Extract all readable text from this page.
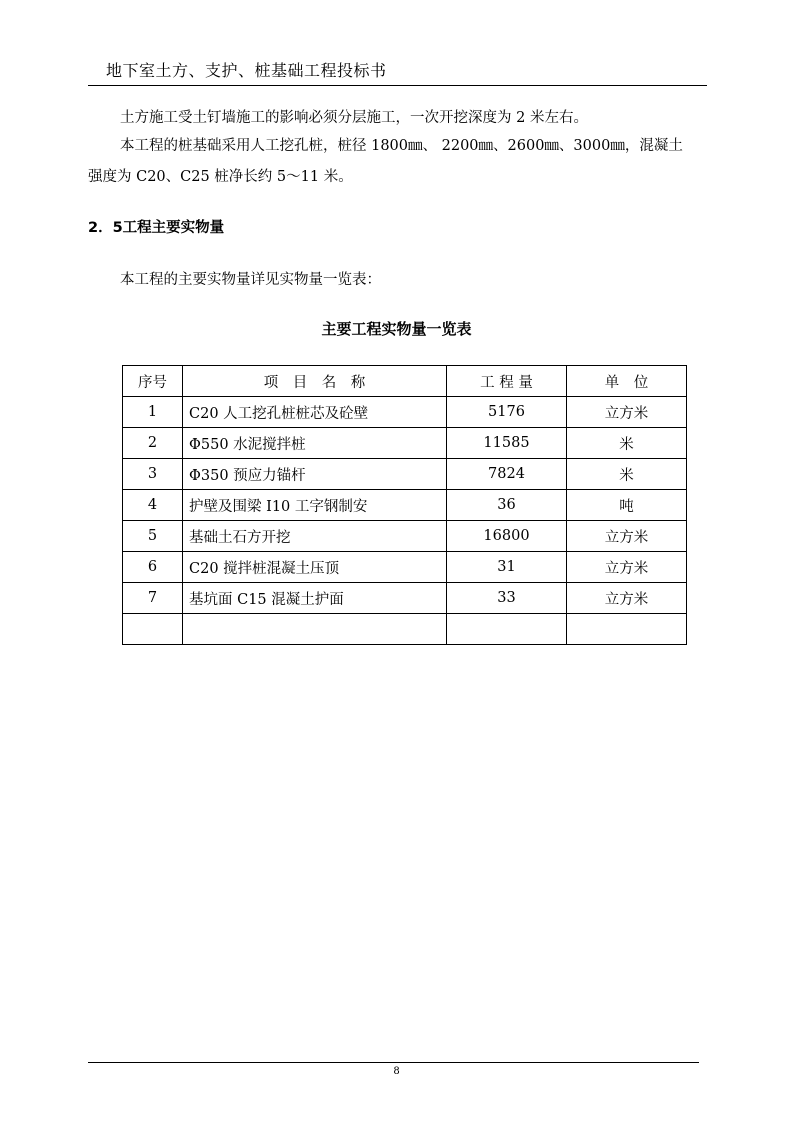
地下室土方、支护、桩基础工程投标书

土方施工受土钉墙施工的影响必须分层施工，一次开挖深度为 2 米左右。

本工程的桩基础采用人工挖孔桩，桩径 1800㎜、 2200㎜、2600㎜、3000㎜，混凝土

强度为 C20、C25 桩净长约 5～11 米。

2．5工程主要实物量

本工程的主要实物量详见实物量一览表：

主要工程实物量一览表
序号	项　目　名　称	工 程 量	单　位
1	C20 人工挖孔桩桩芯及砼壁	5176	立方米
2	Φ550 水泥搅拌桩	11585	米
3	Φ350 预应力锚杆	7824	米
4	护壁及围梁 I10 工字钢制安	36	吨
5	基础土石方开挖	16800	立方米
6	C20 搅拌桩混凝土压顶	31	立方米
7	基坑面 C15 混凝土护面	33	立方米

8
